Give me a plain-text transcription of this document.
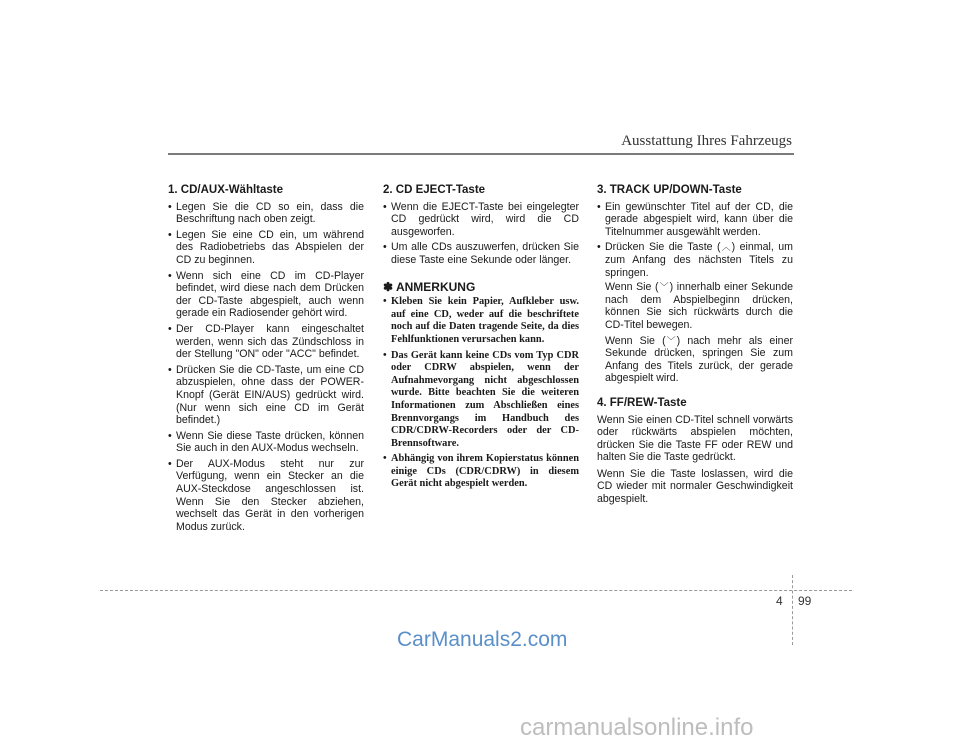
Ausstattung Ihres Fahrzeugs
1. CD/AUX-Wähltaste
• Legen Sie die CD so ein, dass die Beschriftung nach oben zeigt.
• Legen Sie eine CD ein, um während des Radiobetriebs das Abspielen der CD zu beginnen.
• Wenn sich eine CD im CD-Player befindet, wird diese nach dem Drücken der CD-Taste abgespielt, auch wenn gerade ein Radiosender gehört wird.
• Der CD-Player kann eingeschaltet werden, wenn sich das Zündschloss in der Stellung "ON" oder "ACC" befindet.
• Drücken Sie die CD-Taste, um eine CD abzuspielen, ohne dass der POWER-Knopf (Gerät EIN/AUS) gedrückt wird. (Nur wenn sich eine CD im Gerät befindet.)
• Wenn Sie diese Taste drücken, können Sie auch in den AUX-Modus wechseln.
• Der AUX-Modus steht nur zur Verfügung, wenn ein Stecker an die AUX-Steckdose angeschlossen ist. Wenn Sie den Stecker abziehen, wechselt das Gerät in den vorherigen Modus zurück.
2. CD EJECT-Taste
• Wenn die EJECT-Taste bei eingelegter CD gedrückt wird, wird die CD ausgeworfen.
• Um alle CDs auszuwerfen, drücken Sie diese Taste eine Sekunde oder länger.
✽ ANMERKUNG
• Kleben Sie kein Papier, Aufkleber usw. auf eine CD, weder auf die beschriftete noch auf die Daten tragende Seite, da dies Fehlfunktionen verursachen kann.
• Das Gerät kann keine CDs vom Typ CDR oder CDRW abspielen, wenn der Aufnahmevorgang nicht abgeschlossen wurde. Bitte beachten Sie die weiteren Informationen zum Abschließen eines Brennvorgangs im Handbuch des CDR/CDRW-Recorders oder der CD-Brennsoftware.
• Abhängig von ihrem Kopierstatus können einige CDs (CDR/CDRW) in diesem Gerät nicht abgespielt werden.
3. TRACK UP/DOWN-Taste
• Ein gewünschter Titel auf der CD, die gerade abgespielt wird, kann über die Titelnummer ausgewählt werden.
• Drücken Sie die Taste (︿) einmal, um zum Anfang des nächsten Titels zu springen.
Wenn Sie (﹀) innerhalb einer Sekunde nach dem Abspielbeginn drücken, können Sie sich rückwärts durch die CD-Titel bewegen.
Wenn Sie (﹀) nach mehr als einer Sekunde drücken, springen Sie zum Anfang des Titels zurück, der gerade abgespielt wird.
4. FF/REW-Taste

Wenn Sie einen CD-Titel schnell vorwärts oder rückwärts abspielen möchten, drücken Sie die Taste FF oder REW und halten Sie die Taste gedrückt.

Wenn Sie die Taste loslassen, wird die CD wieder mit normaler Geschwindigkeit abgespielt.

4 99
CarManuals2.com
carmanualsonline.info
